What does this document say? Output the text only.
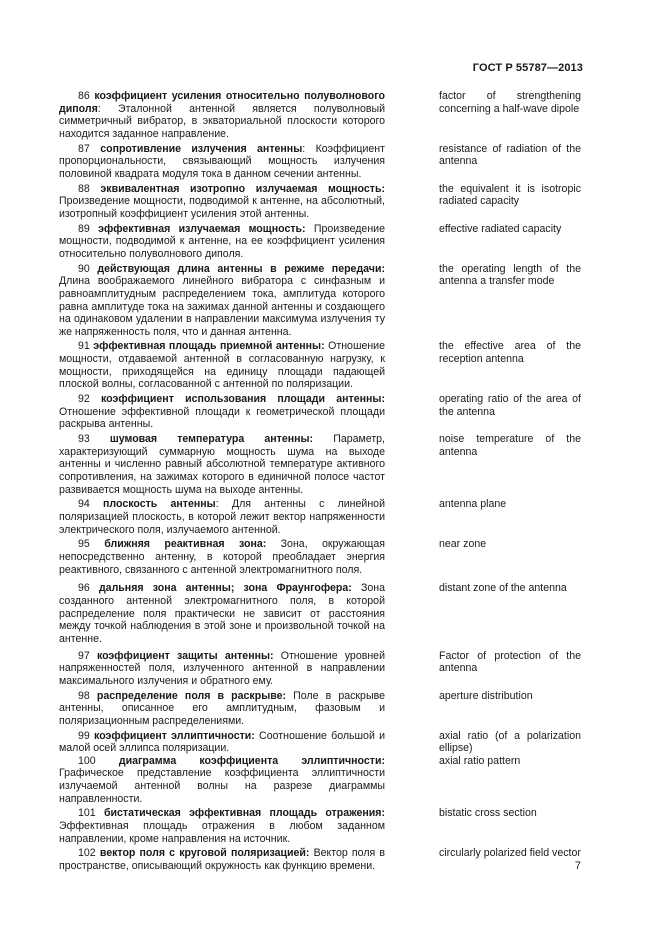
ГОСТ Р 55787—2013
86 коэффициент усиления относительно полуволнового диполя: Эталонной антенной является полуволновый симметричный вибратор, в экваториальной плоскости которого находится заданное направление.
factor of strengthening concerning a half-wave dipole
87 сопротивление излучения антенны: Коэффициент пропорциональности, связывающий мощность излучения половиной квадрата модуля тока в данном сечении антенны.
resistance of radiation of the antenna
88 эквивалентная изотропно излучаемая мощность: Произведение мощности, подводимой к антенне, на абсолютный, изотропный коэффициент усиления этой антенны.
the equivalent it is isotropic radiated capacity
89 эффективная излучаемая мощность: Произведение мощности, подводимой к антенне, на ее коэффициент усиления относительно полуволнового диполя.
effective radiated capacity
90 действующая длина антенны в режиме передачи: Длина воображаемого линейного вибратора с синфазным и равноамплитудным распределением тока, амплитуда которого равна амплитуде тока на зажимах данной антенны и создающего на одинаковом удалении в направлении максимума излучения ту же напряженность поля, что и данная антенна.
the operating length of the antenna a transfer mode
91 эффективная площадь приемной антенны: Отношение мощности, отдаваемой антенной в согласованную нагрузку, к мощности, приходящейся на единицу площади падающей плоской волны, согласованной с антенной по поляризации.
the effective area of the reception antenna
92 коэффициент использования площади антенны: Отношение эффективной площади к геометрической площади раскрыва антенны.
operating ratio of the area of the antenna
93 шумовая температура антенны: Параметр, характеризующий суммарную мощность шума на выходе антенны и численно равный абсолютной температуре активного сопротивления, на зажимах которого в единичной полосе частот развивается мощность шума на выходе антенны.
noise temperature of the antenna
94 плоскость антенны: Для антенны с линейной поляризацией плоскость, в которой лежит вектор напряженности электрического поля, излучаемого антенной.
antenna plane
95 ближняя реактивная зона: Зона, окружающая непосредственно антенну, в которой преобладает энергия реактивного, связанного с антенной электромагнитного поля.
near zone
96 дальняя зона антенны; зона Фраунгофера: Зона созданного антенной электромагнитного поля, в которой распределение поля практически не зависит от расстояния между точкой наблюдения в этой зоне и произвольной точкой на антенне.
distant zone of the antenna
97 коэффициент защиты антенны: Отношение уровней напряженностей поля, излученного антенной в направлении максимального излучения и обратного ему.
Factor of protection of the antenna
98 распределение поля в раскрыве: Поле в раскрыве антенны, описанное его амплитудным, фазовым и поляризационным распределениями.
aperture distribution
99 коэффициент эллиптичности: Соотношение большой и малой осей эллипса поляризации.
axial ratio (of a polarization ellipse)
100 диаграмма коэффициента эллиптичности: Графическое представление коэффициента эллиптичности излучаемой антенной волны на разрезе диаграммы направленности.
axial ratio pattern
101 бистатическая эффективная площадь отражения: Эффективная площадь отражения в любом заданном направлении, кроме направления на источник.
bistatic cross section
102 вектор поля с круговой поляризацией: Вектор поля в пространстве, описывающий окружность как функцию времени.
circularly polarized field vector
7
